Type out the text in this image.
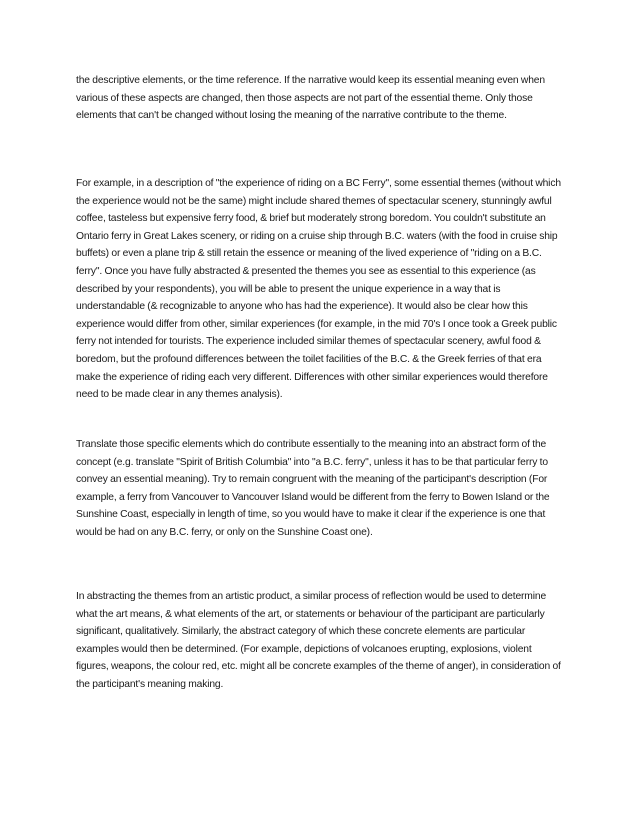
the descriptive elements, or the time reference. If the narrative would keep its essential meaning even when various of these aspects are changed, then those aspects are not part of the essential theme. Only those elements that can't be changed without losing the meaning of the narrative contribute to the theme.

For example, in a description of "the experience of riding on a BC Ferry", some essential themes (without which the experience would not be the same) might include shared themes of spectacular scenery, stunningly awful coffee, tasteless but expensive ferry food, & brief but moderately strong boredom. You couldn't substitute an Ontario ferry in Great Lakes scenery, or riding on a cruise ship through B.C. waters (with the food in cruise ship buffets) or even a plane trip & still retain the essence or meaning of the lived experience of "riding on a B.C. ferry". Once you have fully abstracted & presented the themes you see as essential to this experience (as described by your respondents), you will be able to present the unique experience in a way that is understandable (& recognizable to anyone who has had the experience). It would also be clear how this experience would differ from other, similar experiences (for example, in the mid 70's I once took a Greek public ferry not intended for tourists. The experience included similar themes of spectacular scenery, awful food & boredom, but the profound differences between the toilet facilities of the B.C. & the Greek ferries of that era make the experience of riding each very different. Differences with other similar experiences would therefore need to be made clear in any themes analysis).

Translate those specific elements which do contribute essentially to the meaning into an abstract form of the concept (e.g. translate "Spirit of British Columbia" into "a B.C. ferry", unless it has to be that particular ferry to convey an essential meaning). Try to remain congruent with the meaning of the participant's description (For example, a ferry from Vancouver to Vancouver Island would be different from the ferry to Bowen Island or the Sunshine Coast, especially in length of time, so you would have to make it clear if the experience is one that would be had on any B.C. ferry, or only on the Sunshine Coast one).

In abstracting the themes from an artistic product, a similar process of reflection would be used to determine what the art means, & what elements of the art, or statements or behaviour of the participant are particularly significant, qualitatively. Similarly, the abstract category of which these concrete elements are particular examples would then be determined. (For example, depictions of volcanoes erupting, explosions, violent figures, weapons, the colour red, etc. might all be concrete examples of the theme of anger), in consideration of the participant's meaning making.
